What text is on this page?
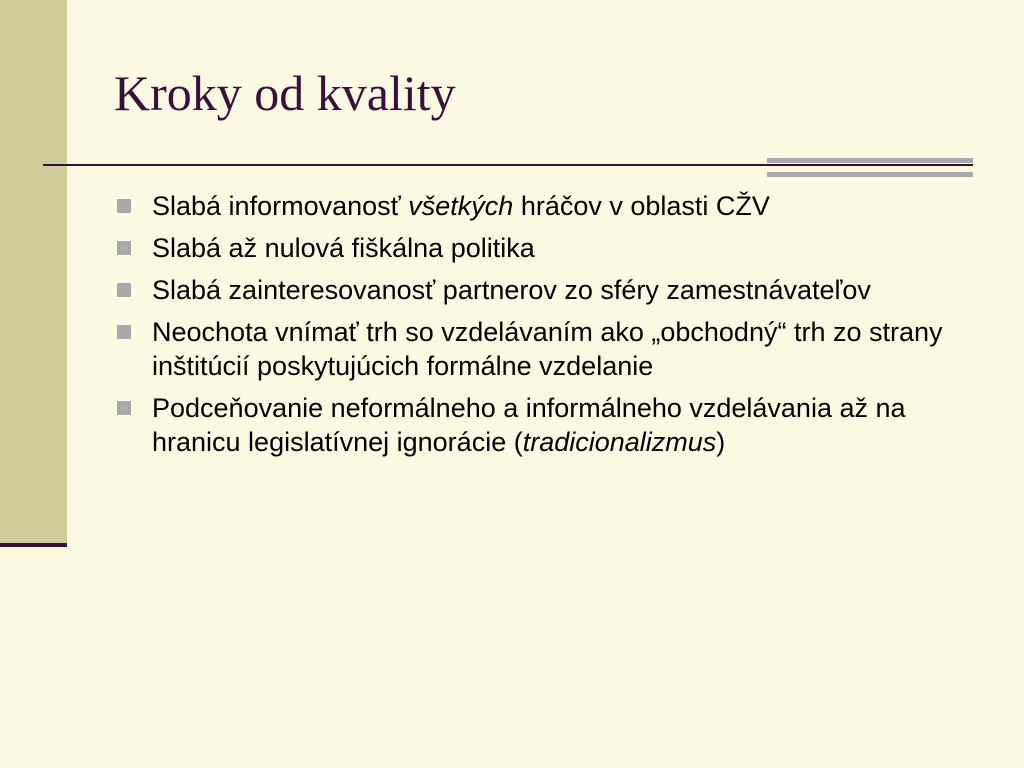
Kroky od kvality
Slabá informovanosť všetkých hráčov v oblasti CŽV
Slabá až nulová fiškálna politika
Slabá zainteresovanosť partnerov zo sféry zamestnávateľov
Neochota vnímať trh so vzdelávaním ako „obchodný“ trh zo strany inštitúcií poskytujúcich formálne vzdelanie
Podceňovanie neformálneho a informálneho vzdelávania až na hranicu legislatívnej ignorácie (tradicionalizmus)
